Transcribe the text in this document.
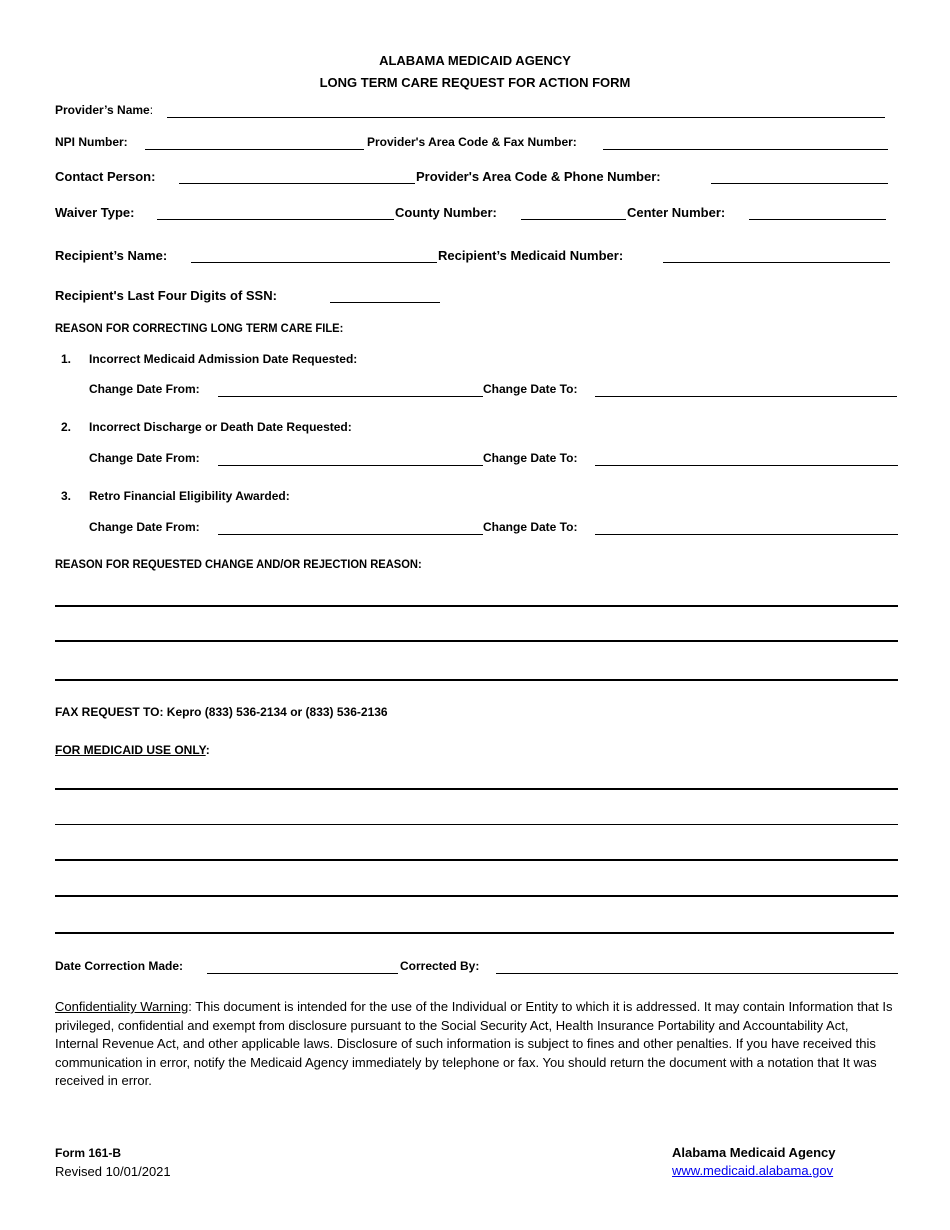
ALABAMA MEDICAID AGENCY
LONG TERM CARE REQUEST FOR ACTION FORM
Provider’s Name:
NPI Number:	Provider's Area Code & Fax Number:
Contact Person:	Provider's Area Code & Phone Number:
Waiver Type:	County Number:	Center Number:
Recipient’s Name:	Recipient’s Medicaid Number:
Recipient's Last Four Digits of SSN:
REASON FOR CORRECTING LONG TERM CARE FILE:
1. Incorrect Medicaid Admission Date Requested:
Change Date From:	Change Date To:
2. Incorrect Discharge or Death Date Requested:
Change Date From:	Change Date To:
3. Retro Financial Eligibility Awarded:
Change Date From:	Change Date To:
REASON FOR REQUESTED CHANGE AND/OR REJECTION REASON:
FAX REQUEST TO: Kepro (833) 536-2134 or (833) 536-2136
FOR MEDICAID USE ONLY:
Date Correction Made:	Corrected By:
Confidentiality Warning: This document is intended for the use of the Individual or Entity to which it is addressed. It may contain Information that Is privileged, confidential and exempt from disclosure pursuant to the Social Security Act, Health Insurance Portability and Accountability Act, Internal Revenue Act, and other applicable laws. Disclosure of such information is subject to fines and other penalties. If you have received this communication in error, notify the Medicaid Agency immediately by telephone or fax. You should return the document with a notation that It was received in error.
Form 161-B
Revised 10/01/2021
Alabama Medicaid Agency
www.medicaid.alabama.gov
